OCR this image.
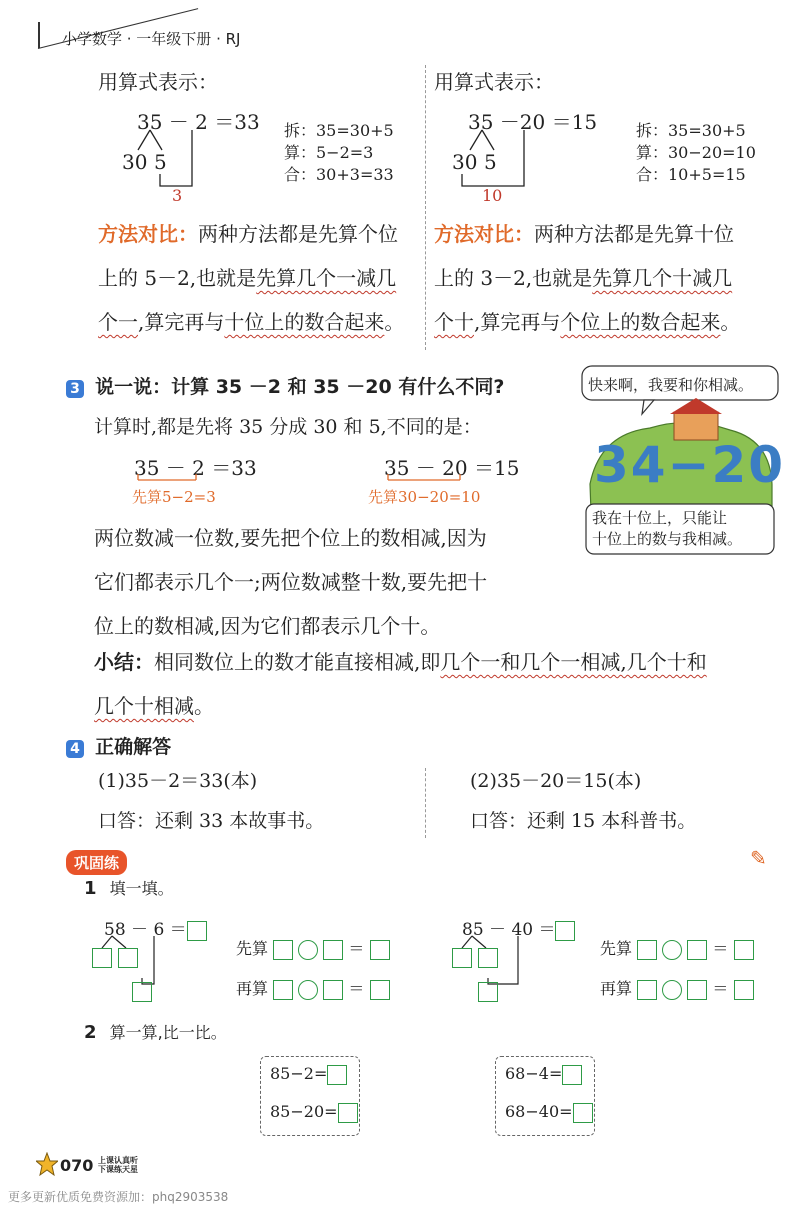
小学数学 · 一年级下册 · RJ
用算式表示：
35 － 2 ＝33
30 5
3
拆：35=30+5
算：5−2=3
合：30+3=33
方法对比：两种方法都是先算个位
上的 5－2,也就是先算几个一减几
个一,算完再与十位上的数合起来。
用算式表示：
35 －20 ＝15
30 5
10
拆：35=30+5
算：30−20=10
合：10+5=15
方法对比：两种方法都是先算十位
上的 3－2,也就是先算几个十减几
个十,算完再与个位上的数合起来。
3 说一说：计算 35 －2 和 35 －20 有什么不同?
计算时,都是先将 35 分成 30 和 5,不同的是：
35 － 2 ＝33
先算5−2=3
35 － 20 ＝15
先算30−20=10
两位数减一位数,要先把个位上的数相减,因为
它们都表示几个一;两位数减整十数,要先把十
位上的数相减,因为它们都表示几个十。
小结：相同数位上的数才能直接相减,即几个一和几个一相减,几个十和
几个十相减。
快来啊，我要和你相减。
34−20
我在十位上，只能让
十位上的数与我相减。
4 正确解答
(1)35－2＝33(本)	(2)35－20＝15(本)
口答：还剩 33 本故事书。	口答：还剩 15 本科普书。
巩固练	✎
1 填一填。
58 － 6 ＝
先算	＝
再算	＝
85 － 40 ＝
先算	＝
再算	＝
2 算一算,比一比。
85−2=
85−20=
68−4=
68−40=
070 上课认真听
下课练天星
更多更新优质免费资源加：phq2903538
